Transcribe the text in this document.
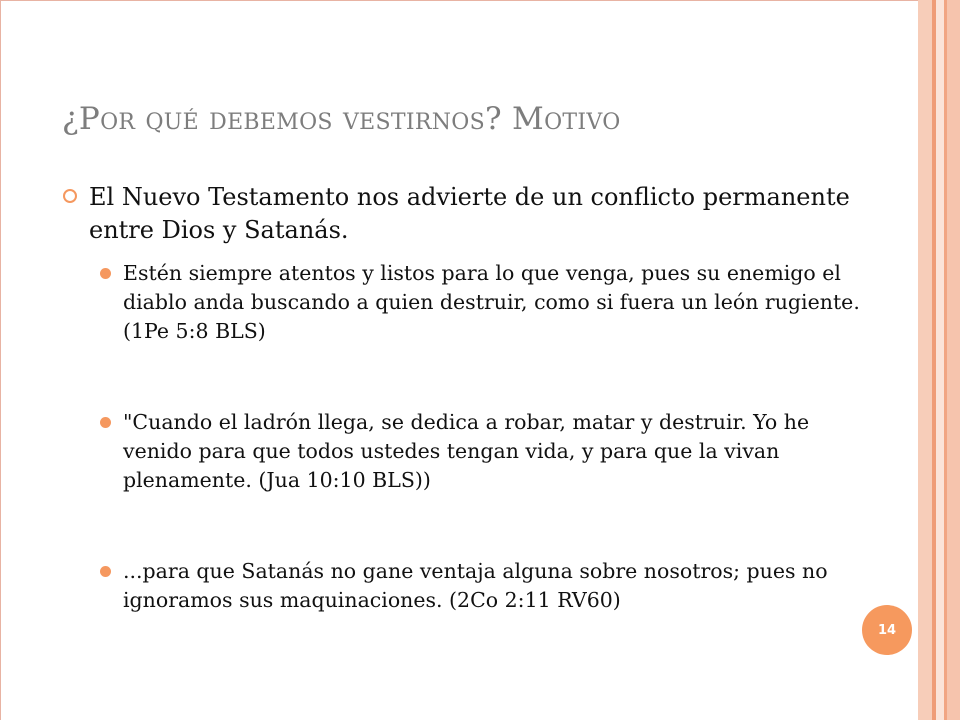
¿Por qué debemos vestirnos? Motivo
El Nuevo Testamento nos advierte de un conflicto permanente entre Dios y Satanás.
Estén siempre atentos y listos para lo que venga, pues su enemigo el diablo anda buscando a quien destruir, como si fuera un león rugiente. (1Pe 5:8 BLS)
"Cuando el ladrón llega, se dedica a robar, matar y destruir. Yo he venido para que todos ustedes tengan vida, y para que la vivan plenamente. (Jua 10:10 BLS))
...para que Satanás no gane ventaja alguna sobre nosotros; pues no ignoramos sus maquinaciones. (2Co 2:11 RV60)
14
